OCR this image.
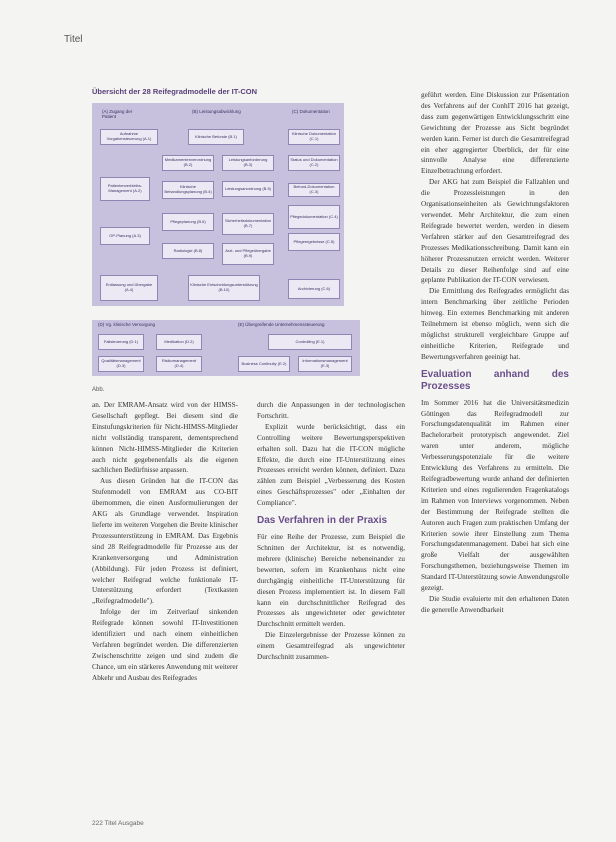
Titel
Übersicht der 28 Reifegradmodelle der IT-CON
(A) Zugang der Patient
(B) Leistungsabwicklung	(C) Dokumentation
Aufnahme Vorgabensteuerung (A.1)	Klinische Befunde (B.1)	Klinische Dokumentation (C.1)
Medikamentenverordnung (B.2)
Leistungsanforderung (B.3)
Status und Dokumentation (C.2)
Patientenverbleibs-Management (A.2)
Klinische Behandlungsplanung (B.4)
Leistungsanordnung (B.5)	Befund-Dokumentation (C.3)
Pflegeplanung (B.6)	Sicherheitsdokumentation (B.7)
Pflegedokumentation (C.4)
OP-Planung (A.3)
Radiologie (B.8)	Arzt- und Pflegeübergabe (B.9)
Pflegeergebnisse (C.5)
Entlassung und Übergabe (A.4)
Klinische Entscheidungsunterstützung (B.10)	Archivierung (C.6)
(D) Vg. klinische Versorgung	(E) Übergreifende Unternehmenssteuerung
Fallsteuerung (D.1)	Medikation (D.2)	Controlling (E.1)
Qualitätsmanagement (D.3)
Risikomanagement (D.4)	Business Continuity (E.2)	Informationsmanagement (E.3)
Abb.

an. Der EMRAM-Ansatz wird von der HIMSS-Gesellschaft gepflegt. Bei diesem sind die Einstufungskriterien für Nicht-HIMSS-Mitglieder nicht vollständig transparent, dementsprechend können Nicht-HIMSS-Mitglieder die Kriterien auch nicht gegebenenfalls als die eigenen sachlichen Bedürfnisse anpassen.

Aus diesen Gründen hat die IT-CON das Stufenmodell von EMRAM aus CO-BIT übernommen, die einen Ausformulierungen der AKG als Grundlage verwendet. Inspiration lieferte im weiteren Vorgehen die Breite klinischer Prozessunterstützung in EMRAM. Das Ergebnis sind 28 Reifegradmodelle für Prozesse aus der Krankenversorgung und Administration (Abbildung). Für jeden Prozess ist definiert, welcher Reifegrad welche funktionale IT-Unterstützung erfordert (Textkasten „Reifegradmodelle").

Infolge der im Zeitverlauf sinkenden Reifegrade können sowohl IT-Investitionen identifiziert und nach einem einheitlichen Verfahren begründet werden. Die differenzierten Zwischenschritte zeigen und sind zudem die Chance, um ein stärkeres Anwendung mit weiterer Abkehr und Ausbau des Reifegrades

durch die Anpassungen in der technologischen Fortschritt.

Explizit wurde berücksichtigt, dass ein Controlling weitere Bewertungsperspektiven erhalten soll. Dazu hat die IT-CON mögliche Effekte, die durch eine IT-Unterstützung eines Prozesses erreicht werden können, definiert. Dazu zählen zum Beispiel „Verbesserung des Kosten eines Geschäftsprozesses" oder „Einhalten der Compliance".

Das Verfahren in der Praxis

Für eine Reihe der Prozesse, zum Beispiel die Schnitten der Architektur, ist es notwendig, mehrere (klinische) Bereiche nebeneinander zu bewerten, sofern im Krankenhaus nicht eine durchgängig einheitliche IT-Unterstützung für diesen Prozess implementiert ist. In diesem Fall kann ein durchschnittlicher Reifegrad des Prozesses als ungewichteter oder gewichteter Durchschnitt ermittelt werden.

Die Einzelergebnisse der Prozesse können zu einem Gesamtreifegrad als ungewichteter Durchschnitt zusammen-

geführt werden. Eine Diskussion zur Präsentation des Verfahrens auf der ConhIT 2016 hat gezeigt, dass zum gegenwärtigen Entwicklungsschritt eine Gewichtung der Prozesse aus Sicht begründet werden kann. Ferner ist durch die Gesamtreifegrad ein eher aggregierter Überblick, der für eine sinnvolle Analyse eine differenzierte Einzelbetrachtung erfordert.

Der AKG hat zum Beispiel die Fallzahlen und die Prozessleistungen in den Organisationseinheiten als Gewichtungsfaktoren verwendet. Mehr Architektur, die zum einen Reifegrade bewertet werden, werden in diesem Verfahren stärker auf den Gesamtreifegrad des Prozesses Medikationsschreibung. Damit kann ein höherer Prozessnutzen erreicht werden. Weiterer Details zu dieser Reihenfolge sind auf eine geplante Publikation der IT-CON verwiesen.

Die Ermittlung des Reifegrades ermöglicht das intern Benchmarking über zeitliche Perioden hinweg. Ein externes Benchmarking mit anderen Teilnehmern ist ebenso möglich, wenn sich die möglichst strukturell vergleichbare Gruppe auf einheitliche Kriterien, Reifegrade und Bewertungsverfahren geeinigt hat.

Evaluation anhand des Prozesses

Im Sommer 2016 hat die Universitätsmedizin Göttingen das Reifegradmodell zur Forschungsdatenqualität im Rahmen einer Bachelorarbeit prototypisch angewendet. Ziel waren unter anderem, mögliche Verbesserungspotenziale für die weitere Entwicklung des Verfahrens zu ermitteln. Die Reifegradbewertung wurde anhand der definierten Kriterien und eines regulierenden Fragenkatalogs im Rahmen von Interviews vorgenommen. Neben der Bestimmung der Reifegrade stellten die Autoren auch Fragen zum praktischen Umfang der Kriterien sowie ihrer Einstellung zum Thema Forschungsdatenmanagement. Dabei hat sich eine große Vielfalt der ausgewählten Forschungsthemen, beziehungsweise Themen im Standard IT-Unterstützung sowie Anwendungsrolle gezeigt.

Die Studie evaluierte mit den erhaltenen Daten die generelle Anwendbarkeit

222 Titel Ausgabe
